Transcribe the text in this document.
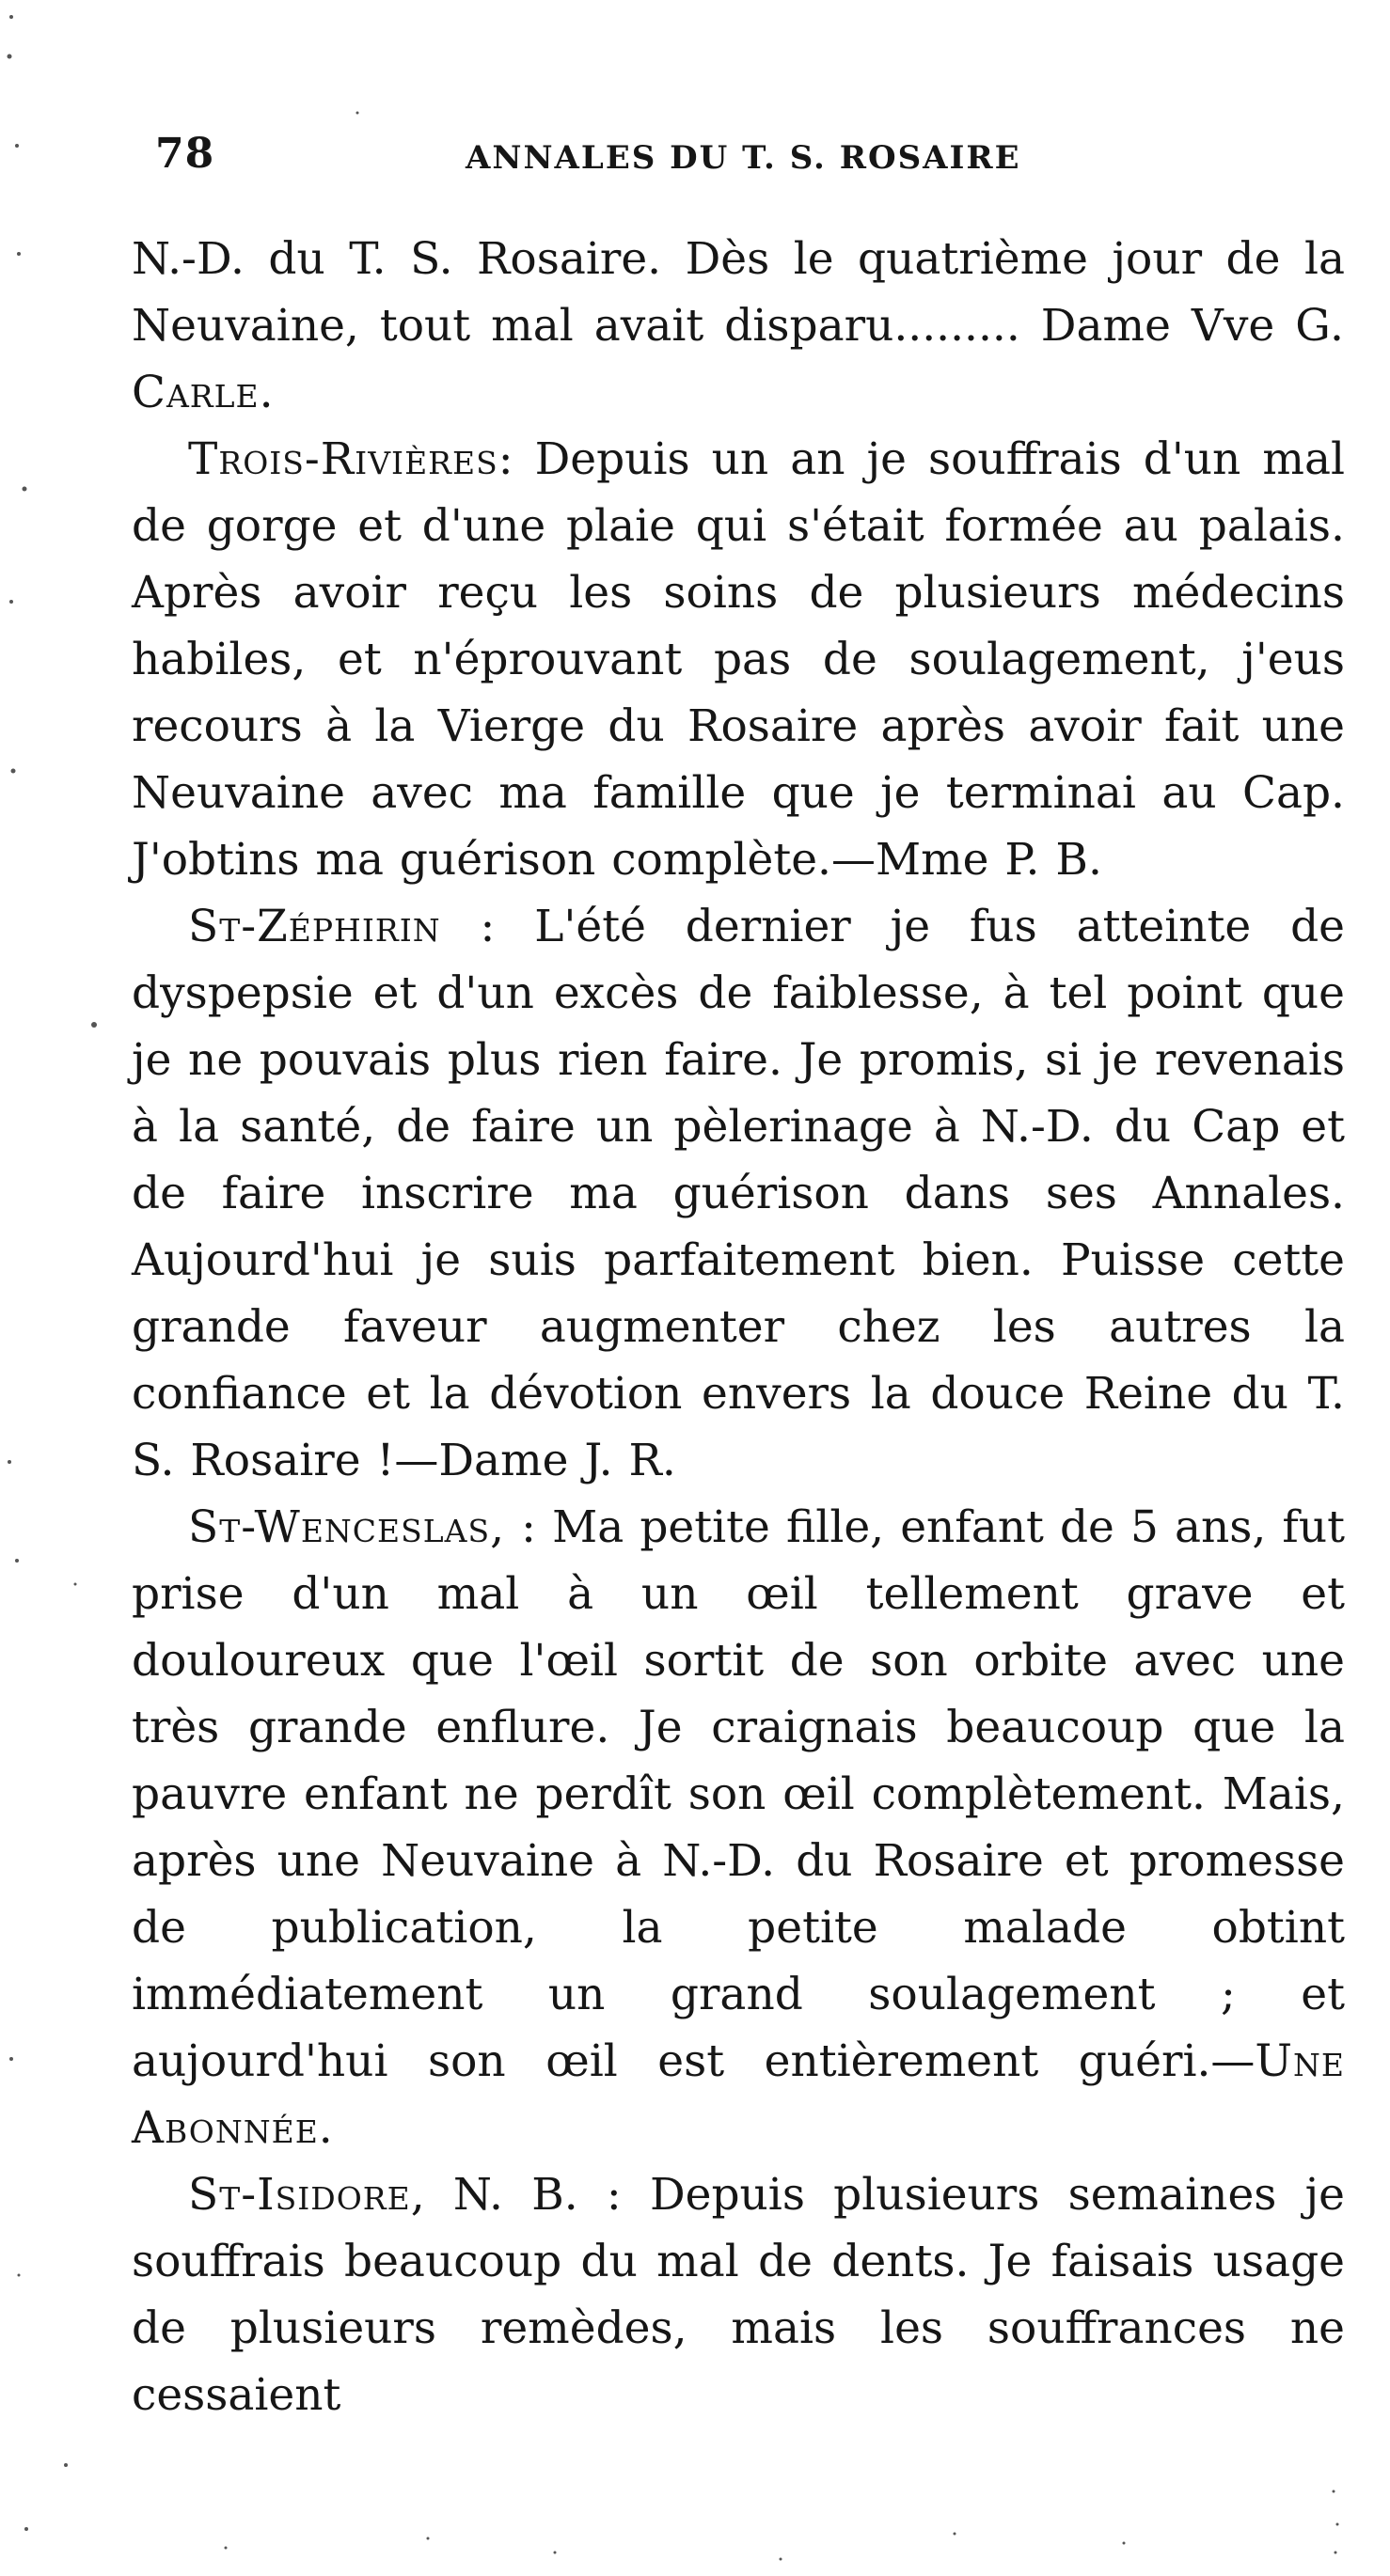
78	ANNALES DU T. S. ROSAIRE

N.-D. du T. S. Rosaire. Dès le quatrième jour de la Neuvaine, tout mal avait disparu......... Dame Vve G. Carle.

Trois-Rivières: Depuis un an je souffrais d'un mal de gorge et d'une plaie qui s'était formée au palais. Après avoir reçu les soins de plusieurs médecins habiles, et n'éprouvant pas de soulagement, j'eus recours à la Vierge du Rosaire après avoir fait une Neuvaine avec ma famille que je terminai au Cap. J'obtins ma guérison complète.—Mme P. B.

St-Zéphirin : L'été dernier je fus atteinte de dyspepsie et d'un excès de faiblesse, à tel point que je ne pouvais plus rien faire. Je promis, si je revenais à la santé, de faire un pèlerinage à N.-D. du Cap et de faire inscrire ma guérison dans ses Annales. Aujourd'hui je suis parfaitement bien. Puisse cette grande faveur augmenter chez les autres la confiance et la dévotion envers la douce Reine du T. S. Rosaire !—Dame J. R.

St-Wenceslas, : Ma petite fille, enfant de 5 ans, fut prise d'un mal à un œil tellement grave et douloureux que l'œil sortit de son orbite avec une très grande enflure. Je craignais beaucoup que la pauvre enfant ne perdît son œil complètement. Mais, après une Neuvaine à N.-D. du Rosaire et promesse de publication, la petite malade obtint immédiatement un grand soulagement ; et aujourd'hui son œil est entièrement guéri.—Une Abonnée.

St-Isidore, N. B. : Depuis plusieurs semaines je souffrais beaucoup du mal de dents. Je faisais usage de plusieurs remèdes, mais les souffrances ne cessaient
